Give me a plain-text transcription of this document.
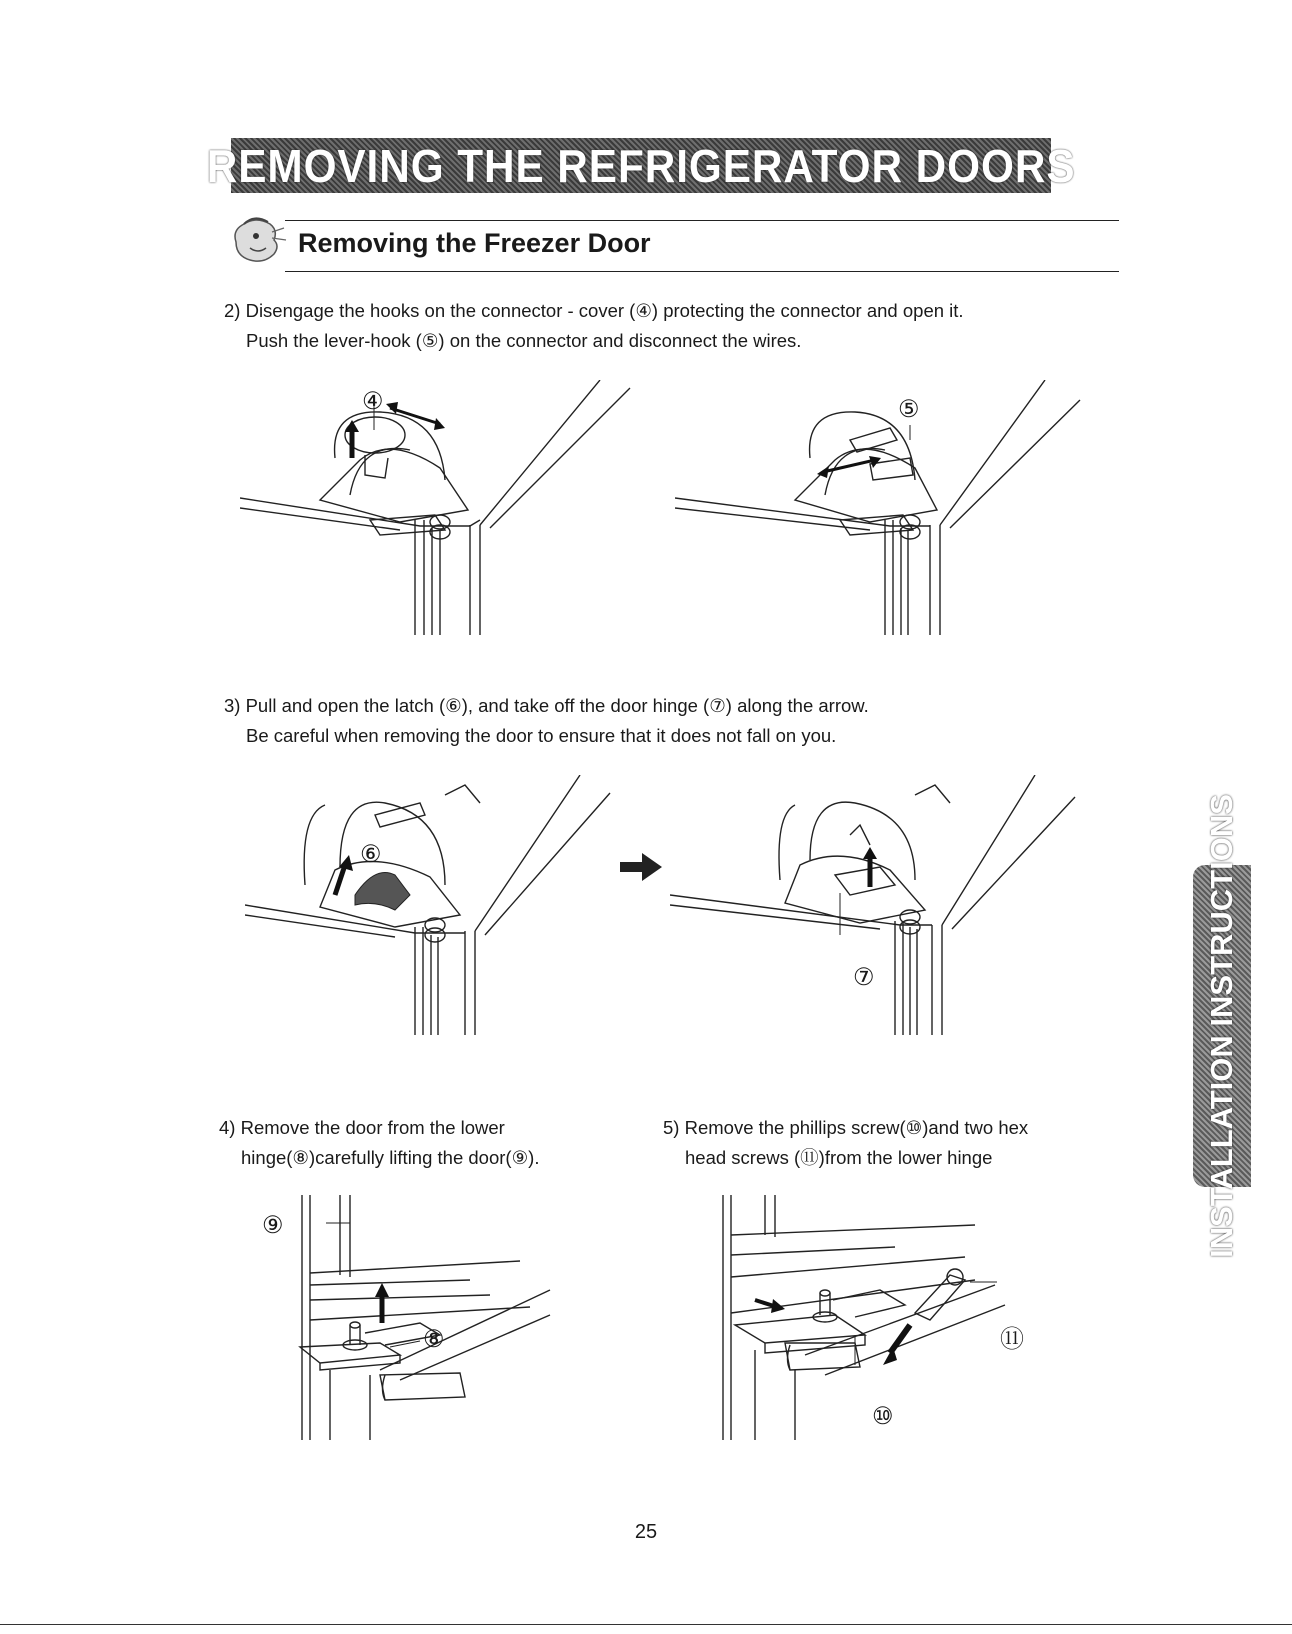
REMOVING THE REFRIGERATOR DOORS
Removing the Freezer Door
2) Disengage the hooks on the connector - cover (④) protecting the connector and open it.
Push the lever-hook (⑤) on the connector and disconnect the wires.
④	⑤
3) Pull and open the latch (⑥), and take off the door hinge (⑦) along the arrow.
Be careful when removing the door to ensure that it does not fall on you.
⑥
⑦	INSTALLATION INSTRUCTIONS
4) Remove the door from the lower
hinge(⑧)carefully lifting the door(⑨).
5) Remove the phillips screw(⑩)and two hex
head screws (⑪)from the lower hinge
⑨
⑧	⑪
⑩
25
